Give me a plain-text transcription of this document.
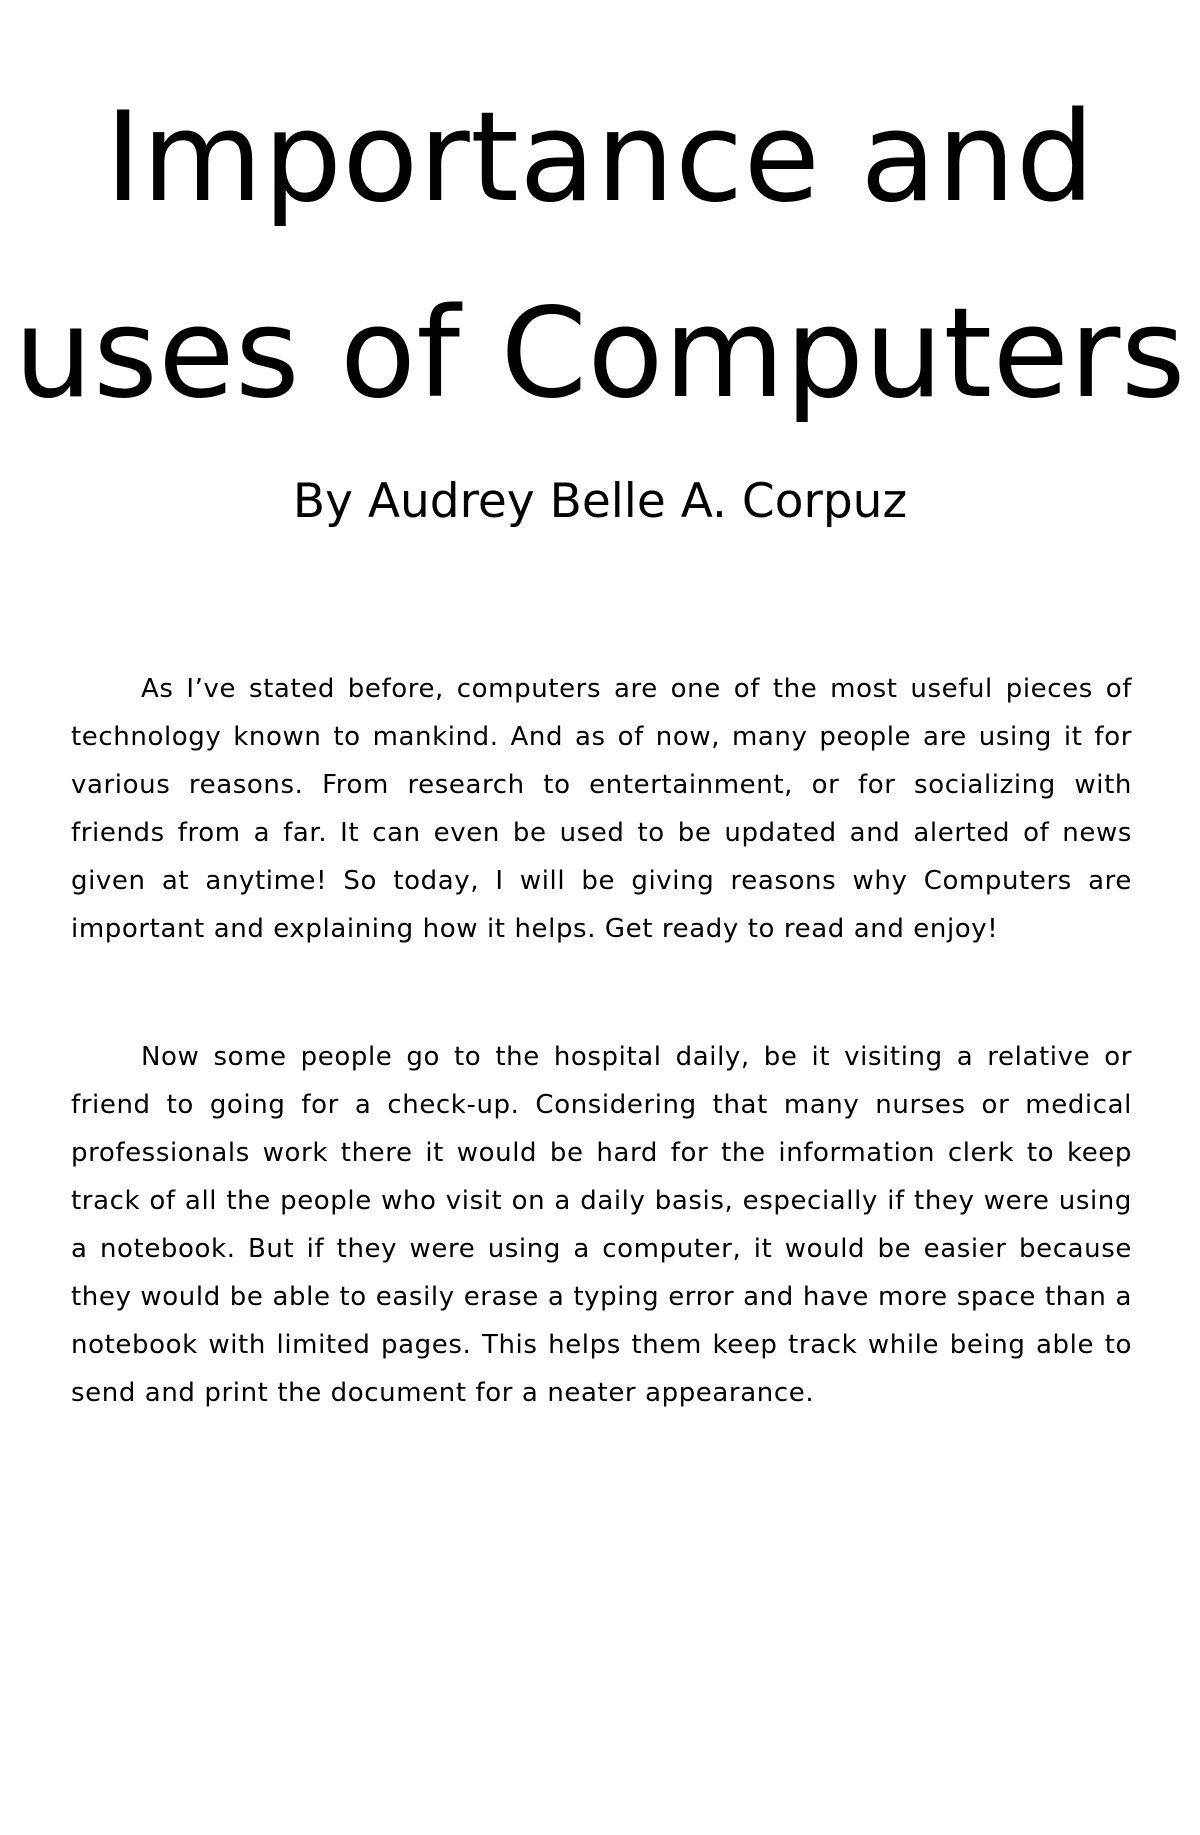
Importance and
uses of Computers

By Audrey Belle A. Corpuz

As I’ve stated before, computers are one of the most useful pieces of technology known to mankind. And as of now, many people are using it for various reasons. From research to entertainment, or for socializing with friends from a far. It can even be used to be updated and alerted of news given at anytime! So today, I will be giving reasons why Computers are important and explaining how it helps. Get ready to read and enjoy!

Now some people go to the hospital daily, be it visiting a relative or friend to going for a check-up. Considering that many nurses or medical professionals work there it would be hard for the information clerk to keep track of all the people who visit on a daily basis, especially if they were using a notebook. But if they were using a computer, it would be easier because they would be able to easily erase a typing error and have more space than a notebook with limited pages. This helps them keep track while being able to send and print the document for a neater appearance.
